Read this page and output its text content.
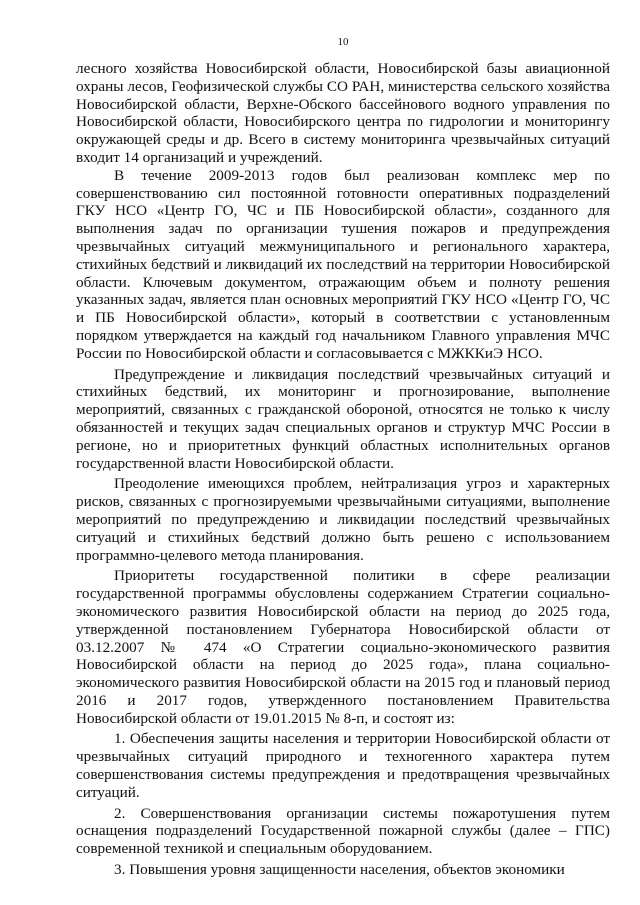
10

лесного хозяйства Новосибирской области, Новосибирской базы авиационной охраны лесов, Геофизической службы СО РАН, министерства сельского хозяйства Новосибирской области, Верхне-Обского бассейнового водного управления по Новосибирской области, Новосибирского центра по гидрологии и мониторингу окружающей среды и др. Всего в систему мониторинга чрезвычайных ситуаций входит 14 организаций и учреждений.

В течение 2009-2013 годов был реализован комплекс мер по совершенствованию сил постоянной готовности оперативных подразделений ГКУ НСО «Центр ГО, ЧС и ПБ Новосибирской области», созданного для выполнения задач по организации тушения пожаров и предупреждения чрезвычайных ситуаций межмуниципального и регионального характера, стихийных бедствий и ликвидаций их последствий на территории Новосибирской области. Ключевым документом, отражающим объем и полноту решения указанных задач, является план основных мероприятий ГКУ НСО «Центр ГО, ЧС и ПБ Новосибирской области», который в соответствии с установленным порядком утверждается на каждый год начальником Главного управления МЧС России по Новосибирской области и согласовывается с МЖККиЭ НСО.

Предупреждение и ликвидация последствий чрезвычайных ситуаций и стихийных бедствий, их мониторинг и прогнозирование, выполнение мероприятий, связанных с гражданской обороной, относятся не только к числу обязанностей и текущих задач специальных органов и структур МЧС России в регионе, но и приоритетных функций областных исполнительных органов государственной власти Новосибирской области.

Преодоление имеющихся проблем, нейтрализация угроз и характерных рисков, связанных с прогнозируемыми чрезвычайными ситуациями, выполнение мероприятий по предупреждению и ликвидации последствий чрезвычайных ситуаций и стихийных бедствий должно быть решено с использованием программно-целевого метода планирования.

Приоритеты государственной политики в сфере реализации государственной программы обусловлены содержанием Стратегии социально-экономического развития Новосибирской области на период до 2025 года, утвержденной постановлением Губернатора Новосибирской области от 03.12.2007 № 474 «О Стратегии социально-экономического развития Новосибирской области на период до 2025 года», плана социально-экономического развития Новосибирской области на 2015 год и плановый период 2016 и 2017 годов, утвержденного постановлением Правительства Новосибирской области от 19.01.2015 № 8-п, и состоят из:

1. Обеспечения защиты населения и территории Новосибирской области от чрезвычайных ситуаций природного и техногенного характера путем совершенствования системы предупреждения и предотвращения чрезвычайных ситуаций.

2. Совершенствования организации системы пожаротушения путем оснащения подразделений Государственной пожарной службы (далее – ГПС) современной техникой и специальным оборудованием.

3. Повышения уровня защищенности населения, объектов экономики
